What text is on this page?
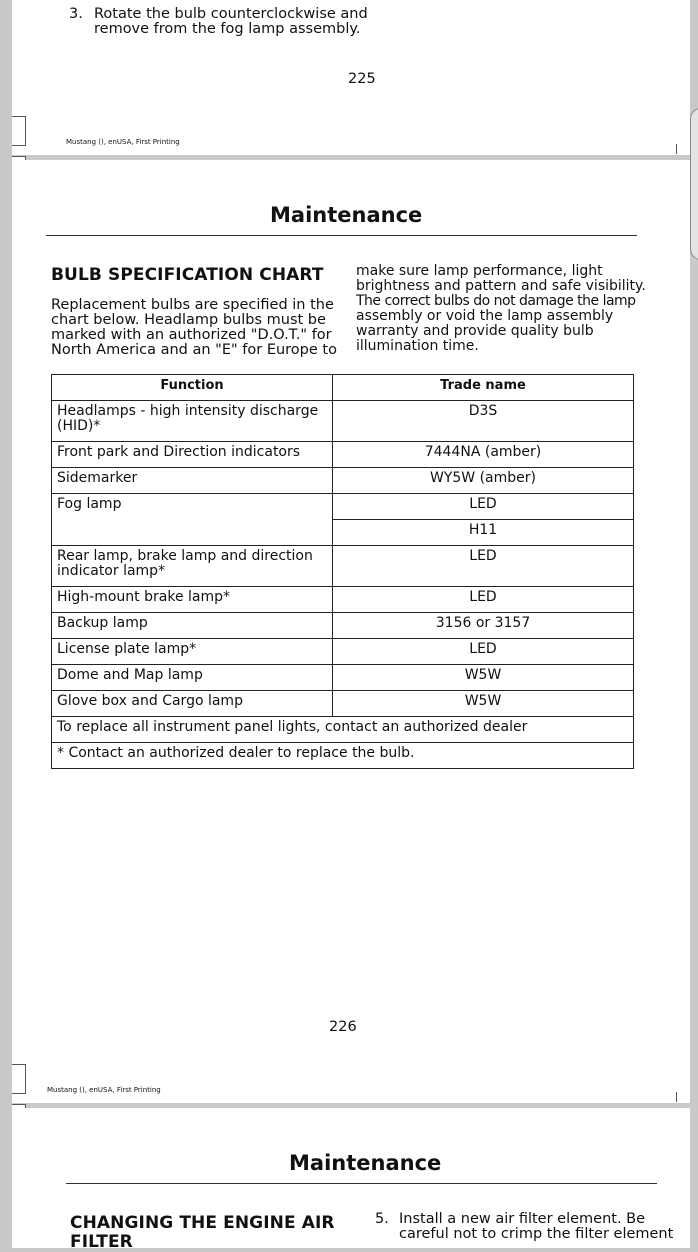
3. Rotate the bulb counterclockwise and
remove from the fog lamp assembly.
225
Mustang (), enUSA, First Printing
Maintenance
BULB SPECIFICATION CHART
Replacement bulbs are specified in the
chart below. Headlamp bulbs must be
marked with an authorized "D.O.T." for
North America and an "E" for Europe to
make sure lamp performance, light
brightness and pattern and safe visibility.
The correct bulbs do not damage the lamp
assembly or void the lamp assembly
warranty and provide quality bulb
illumination time.
Function	Trade name
Headlamps - high intensity discharge (HID)*	D3S
Front park and Direction indicators	7444NA (amber)
Sidemarker	WY5W (amber)
Fog lamp	LED
	H11
Rear lamp, brake lamp and direction indicator lamp*	LED
High-mount brake lamp*	LED
Backup lamp	3156 or 3157
License plate lamp*	LED
Dome and Map lamp	W5W
Glove box and Cargo lamp	W5W
To replace all instrument panel lights, contact an authorized dealer	
* Contact an authorized dealer to replace the bulb.	
226
Mustang (), enUSA, First Printing
Maintenance
CHANGING THE ENGINE AIR
FILTER
5. Install a new air filter element. Be
careful not to crimp the filter element
